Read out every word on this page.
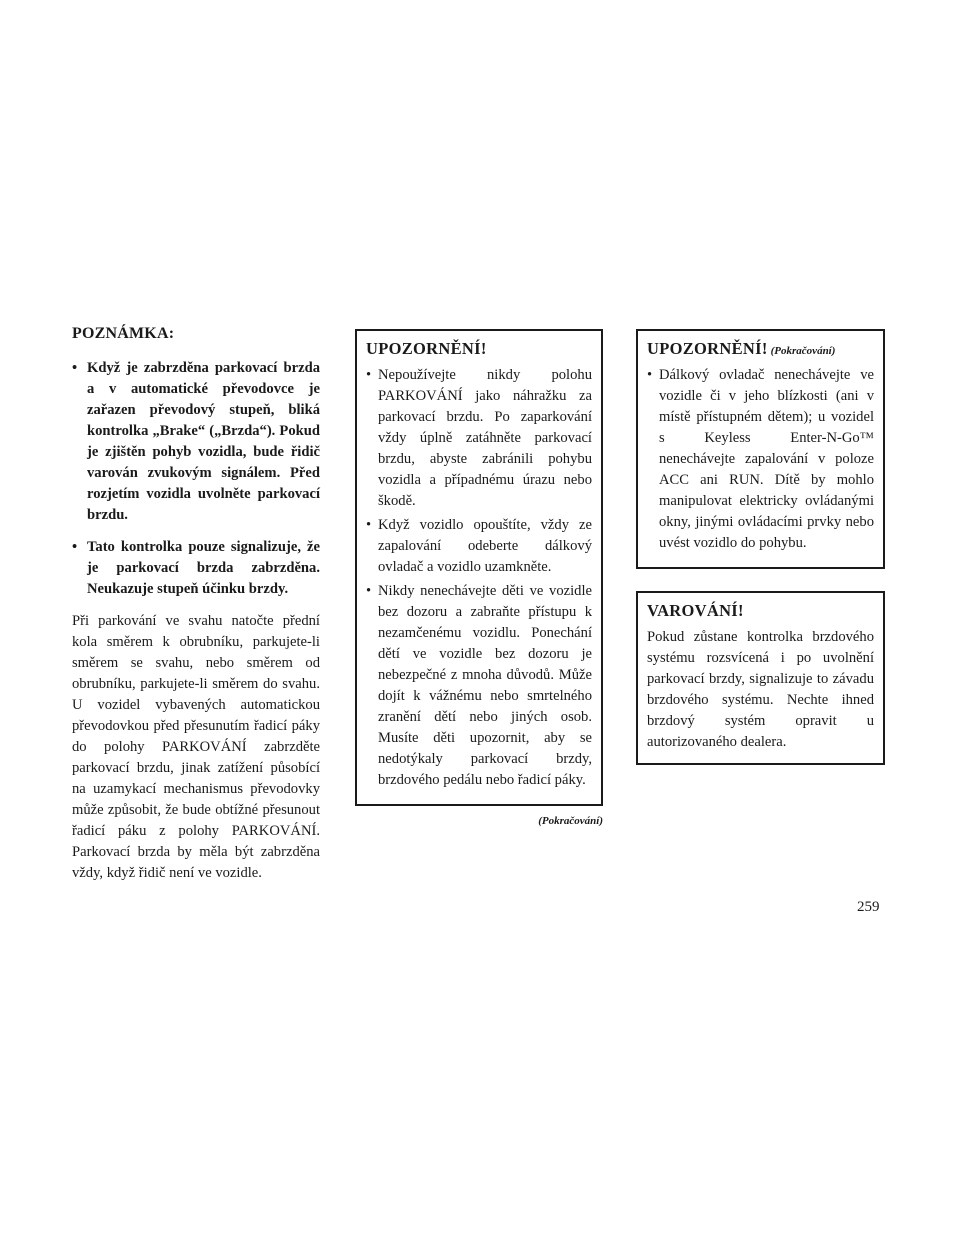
POZNÁMKA:
• Když je zabrzděna parkovací brzda a v automatické převodovce je zařazen převodový stupeň, bliká kontrolka „Brake“ („Brzda“). Pokud je zjištěn pohyb vozidla, bude řidič varován zvukovým signálem. Před rozjetím vozidla uvolněte parkovací brzdu.
• Tato kontrolka pouze signalizuje, že je parkovací brzda zabrzděna. Neukazuje stupeň účinku brzdy.

Při parkování ve svahu natočte přední kola směrem k obrubníku, parkujete-li směrem se svahu, nebo směrem od obrubníku, parkujete-li směrem do svahu. U vozidel vybavených automatickou převodovkou před přesunutím řadicí páky do polohy PARKOVÁNÍ zabrzděte parkovací brzdu, jinak zatížení působící na uzamykací mechanismus převodovky může způsobit, že bude obtížné přesunout řadicí páku z polohy PARKOVÁNÍ. Parkovací brzda by měla být zabrzděna vždy, když řidič není ve vozidle.

UPOZORNĚNÍ!
• Nepoužívejte nikdy polohu PARKOVÁNÍ jako náhražku za parkovací brzdu. Po zaparkování vždy úplně zatáhněte parkovací brzdu, abyste zabránili pohybu vozidla a případnému úrazu nebo škodě.
• Když vozidlo opouštíte, vždy ze zapalování odeberte dálkový ovladač a vozidlo uzamkněte.
• Nikdy nenechávejte děti ve vozidle bez dozoru a zabraňte přístupu k nezamčenému vozidlu. Ponechání dětí ve vozidle bez dozoru je nebezpečné z mnoha důvodů. Může dojít k vážnému nebo smrtelného zranění dětí nebo jiných osob. Musíte děti upozornit, aby se nedotýkaly parkovací brzdy, brzdového pedálu nebo řadicí páky.
(Pokračování)
UPOZORNĚNÍ! (Pokračování)
• Dálkový ovladač nenechávejte ve vozidle či v jeho blízkosti (ani v místě přístupném dětem); u vozidel s Keyless Enter-N-Go™ nenechávejte zapalování v poloze ACC ani RUN. Dítě by mohlo manipulovat elektricky ovládanými okny, jinými ovládacími prvky nebo uvést vozidlo do pohybu.
VAROVÁNÍ!

Pokud zůstane kontrolka brzdového systému rozsvícená i po uvolnění parkovací brzdy, signalizuje to závadu brzdového systému. Nechte ihned brzdový systém opravit u autorizovaného dealera.

259
